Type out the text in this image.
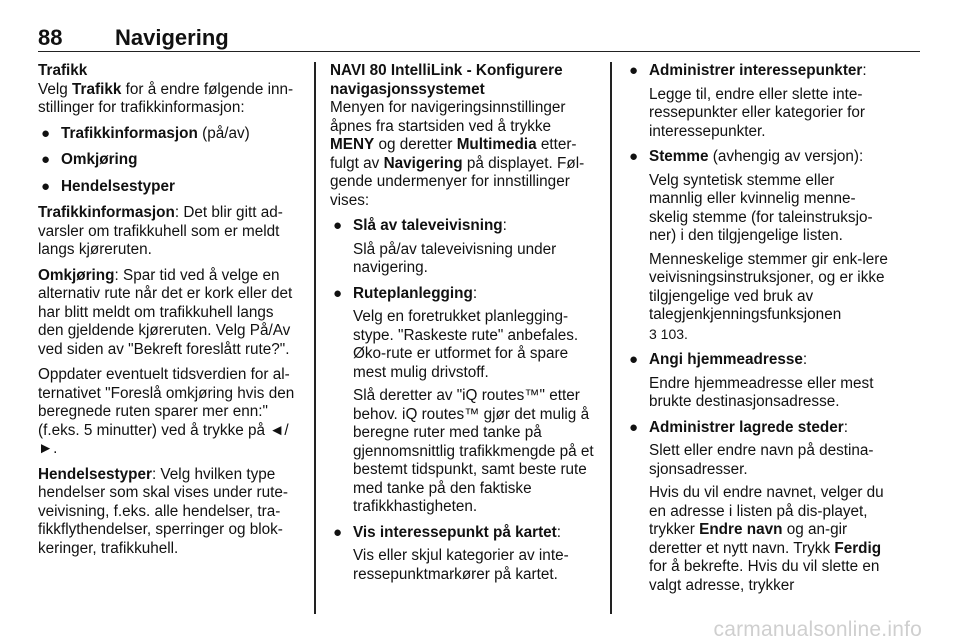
88 Navigering
Trafikk

Velg Trafikk for å endre følgende inn-stillinger for trafikkinformasjon:

● Trafikkinformasjon (på/av)
● Omkjøring
● Hendelsestyper

Trafikkinformasjon: Det blir gitt ad-varsler om trafikkuhell som er meldt langs kjøreruten.

Omkjøring: Spar tid ved å velge en alternativ rute når det er kork eller det har blitt meldt om trafikkuhell langs den gjeldende kjøreruten. Velg På/Av ved siden av "Bekreft foreslått rute?".

Oppdater eventuelt tidsverdien for al-ternativet "Foreslå omkjøring hvis den beregnede ruten sparer mer enn:" (f.eks. 5 minutter) ved å trykke på ◄/►.

Hendelsestyper: Velg hvilken type hendelser som skal vises under rute-veivisning, f.eks. alle hendelser, tra-fikkflythendelser, sperringer og blok-keringer, trafikkuhell.

NAVI 80 IntelliLink - Konfigurere navigasjonssystemet

Menyen for navigeringsinnstillinger åpnes fra startsiden ved å trykke MENY og deretter Multimedia etter-fulgt av Navigering på displayet. Føl-gende undermenyer for innstillinger vises:

● Slå av taleveivisning:
Slå på/av taleveivisning under navigering.
● Ruteplanlegging:
Velg en foretrukket planlegging-stype. "Raskeste rute" anbefales. Øko-rute er utformet for å spare mest mulig drivstoff.
Slå deretter av "iQ routes™" etter behov. iQ routes™ gjør det mulig å beregne ruter med tanke på gjennomsnittlig trafikkmengde på et bestemt tidspunkt, samt beste rute med tanke på den faktiske trafikkhastigheten.
● Vis interessepunkt på kartet:
Vis eller skjul kategorier av inte-ressepunktmarkører på kartet.
● Administrer interessepunkter:
Legge til, endre eller slette inte-ressepunkter eller kategorier for interessepunkter.
● Stemme (avhengig av versjon):
Velg syntetisk stemme eller mannlig eller kvinnelig menne-skelig stemme (for taleinstruksjo-ner) i den tilgjengelige listen.
Menneskelige stemmer gir enk-lere veivisningsinstruksjoner, og er ikke tilgjengelige ved bruk av talegjenkjenningsfunksjonen
3 103.
● Angi hjemmeadresse:
Endre hjemmeadresse eller mest brukte destinasjonsadresse.
● Administrer lagrede steder:
Slett eller endre navn på destina-sjonsadresser.
Hvis du vil endre navnet, velger du en adresse i listen på dis-playet, trykker Endre navn og an-gir deretter et nytt navn. Trykk Ferdig for å bekrefte. Hvis du vil slette en valgt adresse, trykker
carmanualsonline.info
